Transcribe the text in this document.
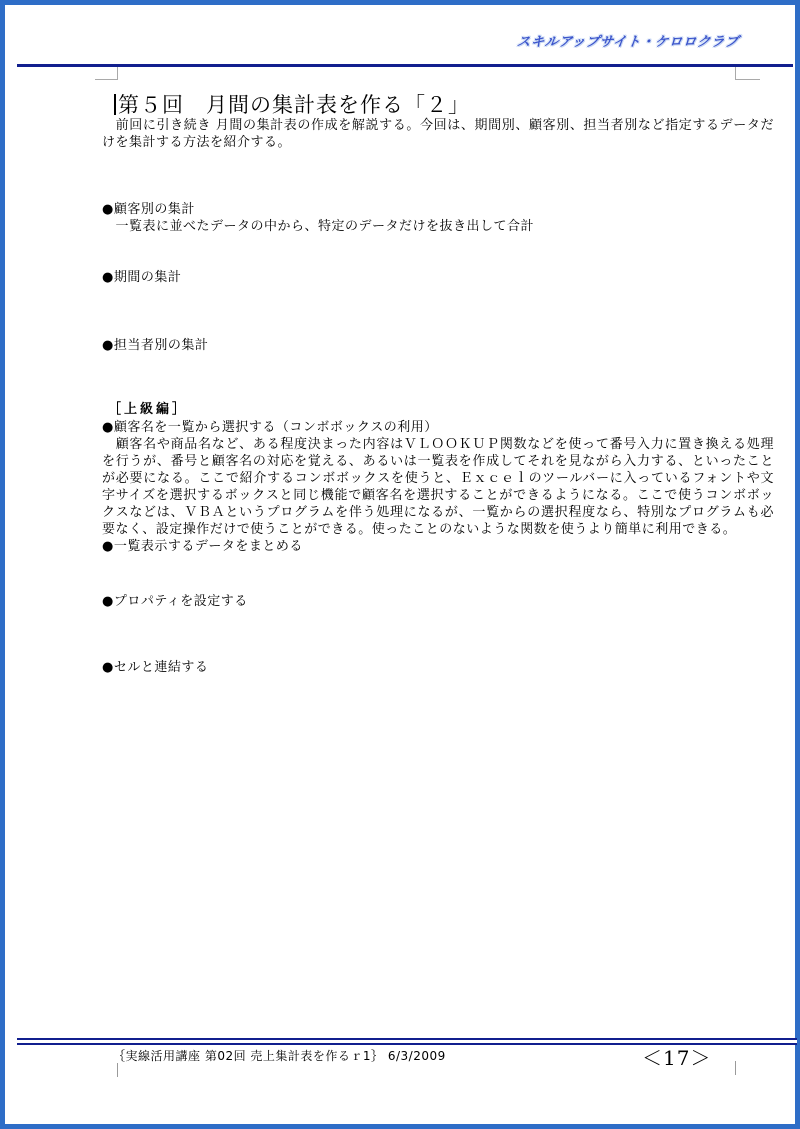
スキルアップサイト・ケロロクラブ
第５回　月間の集計表を作る「２」
　前回に引き続き 月間の集計表の作成を解説する。今回は、期間別、顧客別、担当者別など指定するデータだけを集計する方法を紹介する。
●顧客別の集計
　一覧表に並べたデータの中から、特定のデータだけを抜き出して合計
●期間の集計
●担当者別の集計
［上級編］
●顧客名を一覧から選択する（コンボボックスの利用）
　顧客名や商品名など、ある程度決まった内容はＶＬＯＯＫＵＰ関数などを使って番号入力に置き換える処理を行うが、番号と顧客名の対応を覚える、あるいは一覧表を作成してそれを見ながら入力する、といったことが必要になる。ここで紹介するコンボボックスを使うと、Ｅｘｃｅｌのツールバーに入っているフォントや文字サイズを選択するボックスと同じ機能で顧客名を選択することができるようになる。ここで使うコンボボックスなどは、ＶＢＡというプログラムを伴う処理になるが、一覧からの選択程度なら、特別なプログラムも必要なく、設定操作だけで使うことができる。使ったことのないような関数を使うより簡単に利用できる。
●一覧表示するデータをまとめる
●プロパティを設定する
●セルと連結する
｛実線活用講座 第02回 売上集計表を作るｒ1｝ 6/3/2009	＜17＞
